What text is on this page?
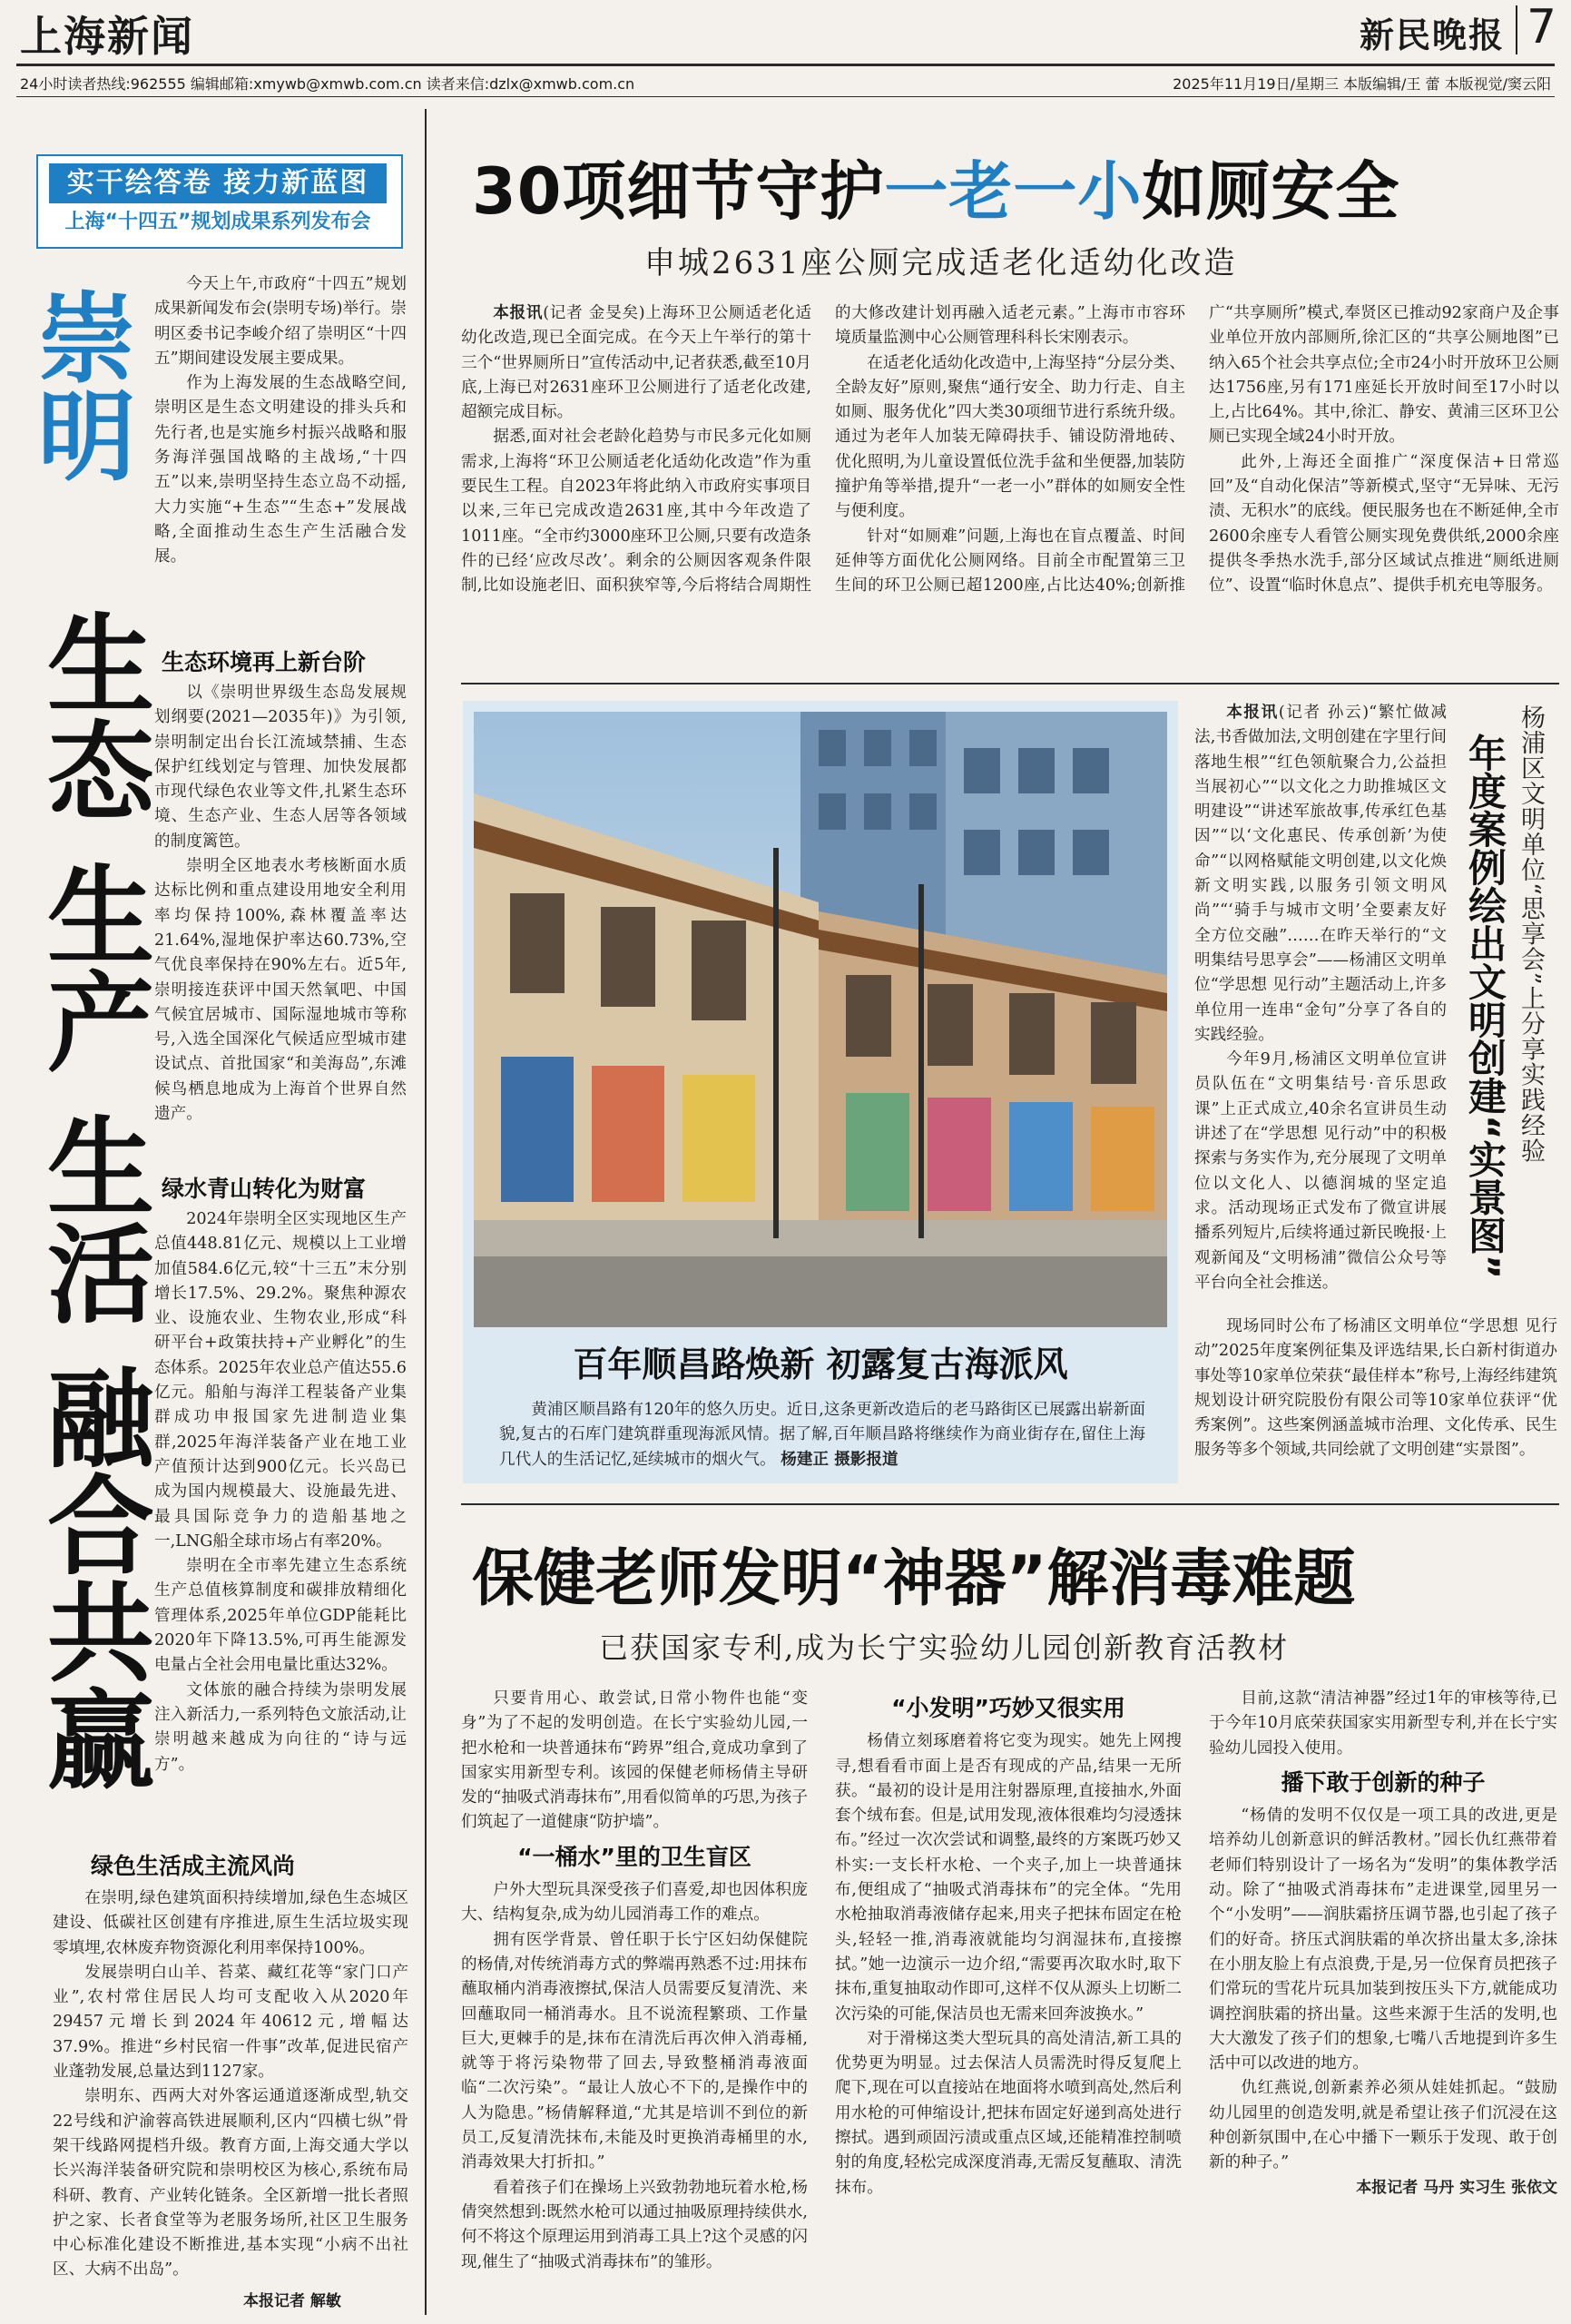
上海新闻	新民晚报 7
24小时读者热线:962555 编辑邮箱:xmywb@xmwb.com.cn 读者来信:dzlx@xmwb.com.cn	2025年11月19日/星期三 本版编辑/王 蕾 本版视觉/窦云阳
实干绘答卷 接力新蓝图
上海“十四五”规划成果系列发布会
崇明
生态 生产 生活 融合共赢

今天上午,市政府“十四五”规划成果新闻发布会(崇明专场)举行。崇明区委书记李峻介绍了崇明区“十四五”期间建设发展主要成果。

作为上海发展的生态战略空间,崇明区是生态文明建设的排头兵和先行者,也是实施乡村振兴战略和服务海洋强国战略的主战场,“十四五”以来,崇明坚持生态立岛不动摇,大力实施“+生态”“生态+”发展战略,全面推动生态生产生活融合发展。

生态环境再上新台阶

以《崇明世界级生态岛发展规划纲要(2021—2035年)》为引领,崇明制定出台长江流域禁捕、生态保护红线划定与管理、加快发展都市现代绿色农业等文件,扎紧生态环境、生态产业、生态人居等各领域的制度篱笆。

崇明全区地表水考核断面水质达标比例和重点建设用地安全利用率均保持100%,森林覆盖率达21.64%,湿地保护率达60.73%,空气优良率保持在90%左右。近5年,崇明接连获评中国天然氧吧、中国气候宜居城市、国际湿地城市等称号,入选全国深化气候适应型城市建设试点、首批国家“和美海岛”,东滩候鸟栖息地成为上海首个世界自然遗产。

绿水青山转化为财富

2024年崇明全区实现地区生产总值448.81亿元、规模以上工业增加值584.6亿元,较“十三五”末分别增长17.5%、29.2%。聚焦种源农业、设施农业、生物农业,形成“科研平台+政策扶持+产业孵化”的生态体系。2025年农业总产值达55.6亿元。船舶与海洋工程装备产业集群成功申报国家先进制造业集群,2025年海洋装备产业在地工业产值预计达到900亿元。长兴岛已成为国内规模最大、设施最先进、最具国际竞争力的造船基地之一,LNG船全球市场占有率20%。

崇明在全市率先建立生态系统生产总值核算制度和碳排放精细化管理体系,2025年单位GDP能耗比2020年下降13.5%,可再生能源发电量占全社会用电量比重达32%。

文体旅的融合持续为崇明发展注入新活力,一系列特色文旅活动,让崇明越来越成为向往的“诗与远方”。

绿色生活成主流风尚

在崇明,绿色建筑面积持续增加,绿色生态城区建设、低碳社区创建有序推进,原生生活垃圾实现零填埋,农林废弃物资源化利用率保持100%。

发展崇明白山羊、苔菜、藏红花等“家门口产业”,农村常住居民人均可支配收入从2020年29457元增长到2024年40612元,增幅达37.9%。推进“乡村民宿一件事”改革,促进民宿产业蓬勃发展,总量达到1127家。

崇明东、西两大对外客运通道逐渐成型,轨交22号线和沪渝蓉高铁进展顺利,区内“四横七纵”骨架干线路网提档升级。教育方面,上海交通大学以长兴海洋装备研究院和崇明校区为核心,系统布局科研、教育、产业转化链条。全区新增一批长者照护之家、长者食堂等为老服务场所,社区卫生服务中心标准化建设不断推进,基本实现“小病不出社区、大病不出岛”。

本报记者 解敏
30项细节守护一老一小如厕安全
申城2631座公厕完成适老化适幼化改造

本报讯(记者 金旻矣)上海环卫公厕适老化适幼化改造,现已全面完成。在今天上午举行的第十三个“世界厕所日”宣传活动中,记者获悉,截至10月底,上海已对2631座环卫公厕进行了适老化改建,超额完成目标。

据悉,面对社会老龄化趋势与市民多元化如厕需求,上海将“环卫公厕适老化适幼化改造”作为重要民生工程。自2023年将此纳入市政府实事项目以来,三年已完成改造2631座,其中今年改造了1011座。“全市约3000座环卫公厕,只要有改造条件的已经‘应改尽改’。剩余的公厕因客观条件限制,比如设施老旧、面积狭窄等,今后将结合周期性的大修改建计划再融入适老元素。”上海市市容环境质量监测中心公厕管理科科长宋刚表示。

在适老化适幼化改造中,上海坚持“分层分类、全龄友好”原则,聚焦“通行安全、助力行走、自主如厕、服务优化”四大类30项细节进行系统升级。通过为老年人加装无障碍扶手、铺设防滑地砖、优化照明,为儿童设置低位洗手盆和坐便器,加装防撞护角等举措,提升“一老一小”群体的如厕安全性与便利度。

针对“如厕难”问题,上海也在盲点覆盖、时间延伸等方面优化公厕网络。目前全市配置第三卫生间的环卫公厕已超1200座,占比达40%;创新推广“共享厕所”模式,奉贤区已推动92家商户及企事业单位开放内部厕所,徐汇区的“共享公厕地图”已纳入65个社会共享点位;全市24小时开放环卫公厕达1756座,另有171座延长开放时间至17小时以上,占比64%。其中,徐汇、静安、黄浦三区环卫公厕已实现全域24小时开放。

此外,上海还全面推广“深度保洁+日常巡回”及“自动化保洁”等新模式,坚守“无异味、无污渍、无积水”的底线。便民服务也在不断延伸,全市2600余座专人看管公厕实现免费供纸,2000余座提供冬季热水洗手,部分区域试点推进“厕纸进厕位”、设置“临时休息点”、提供手机充电等服务。

百年顺昌路焕新 初露复古海派风

黄浦区顺昌路有120年的悠久历史。近日,这条更新改造后的老马路街区已展露出崭新面貌,复古的石库门建筑群重现海派风情。据了解,百年顺昌路将继续作为商业街存在,留住上海几代人的生活记忆,延续城市的烟火气。 杨建正 摄影报道

杨浦区文明单位“思享会”上分享实践经验
年度案例绘出文明创建“实景图”

本报讯(记者 孙云)“繁忙做减法,书香做加法,文明创建在字里行间落地生根”“红色领航聚合力,公益担当展初心”“以文化之力助推城区文明建设”“讲述军旅故事,传承红色基因”“以‘文化惠民、传承创新’为使命”“以网格赋能文明创建,以文化焕新文明实践,以服务引领文明风尚”“‘骑手与城市文明’全要素友好 全方位交融”……在昨天举行的“文明集结号思享会”——杨浦区文明单位“学思想 见行动”主题活动上,许多单位用一连串“金句”分享了各自的实践经验。

今年9月,杨浦区文明单位宣讲员队伍在“文明集结号·音乐思政课”上正式成立,40余名宣讲员生动讲述了在“学思想 见行动”中的积极探索与务实作为,充分展现了文明单位以文化人、以德润城的坚定追求。活动现场正式发布了微宣讲展播系列短片,后续将通过新民晚报·上观新闻及“文明杨浦”微信公众号等平台向全社会推送。

现场同时公布了杨浦区文明单位“学思想 见行动”2025年度案例征集及评选结果,长白新村街道办事处等10家单位荣获“最佳样本”称号,上海经纬建筑规划设计研究院股份有限公司等10家单位获评“优秀案例”。这些案例涵盖城市治理、文化传承、民生服务等多个领域,共同绘就了文明创建“实景图”。

保健老师发明“神器”解消毒难题
已获国家专利,成为长宁实验幼儿园创新教育活教材

只要肯用心、敢尝试,日常小物件也能“变身”为了不起的发明创造。在长宁实验幼儿园,一把水枪和一块普通抹布“跨界”组合,竟成功拿到了国家实用新型专利。该园的保健老师杨倩主导研发的“抽吸式消毒抹布”,用看似简单的巧思,为孩子们筑起了一道健康“防护墙”。

“一桶水”里的卫生盲区

户外大型玩具深受孩子们喜爱,却也因体积庞大、结构复杂,成为幼儿园消毒工作的难点。

拥有医学背景、曾任职于长宁区妇幼保健院的杨倩,对传统消毒方式的弊端再熟悉不过:用抹布蘸取桶内消毒液擦拭,保洁人员需要反复清洗、来回蘸取同一桶消毒水。且不说流程繁琐、工作量巨大,更棘手的是,抹布在清洗后再次伸入消毒桶,就等于将污染物带了回去,导致整桶消毒液面临“二次污染”。“最让人放心不下的,是操作中的人为隐患。”杨倩解释道,“尤其是培训不到位的新员工,反复清洗抹布,未能及时更换消毒桶里的水,消毒效果大打折扣。”

看着孩子们在操场上兴致勃勃地玩着水枪,杨倩突然想到:既然水枪可以通过抽吸原理持续供水,何不将这个原理运用到消毒工具上?这个灵感的闪现,催生了“抽吸式消毒抹布”的雏形。

“小发明”巧妙又很实用

杨倩立刻琢磨着将它变为现实。她先上网搜寻,想看看市面上是否有现成的产品,结果一无所获。“最初的设计是用注射器原理,直接抽水,外面套个绒布套。但是,试用发现,液体很难均匀浸透抹布。”经过一次次尝试和调整,最终的方案既巧妙又朴实:一支长杆水枪、一个夹子,加上一块普通抹布,便组成了“抽吸式消毒抹布”的完全体。“先用水枪抽取消毒液储存起来,用夹子把抹布固定在枪头,轻轻一推,消毒液就能均匀润湿抹布,直接擦拭。”她一边演示一边介绍,“需要再次取水时,取下抹布,重复抽取动作即可,这样不仅从源头上切断二次污染的可能,保洁员也无需来回奔波换水。”

对于滑梯这类大型玩具的高处清洁,新工具的优势更为明显。过去保洁人员需洗时得反复爬上爬下,现在可以直接站在地面将水喷到高处,然后利用水枪的可伸缩设计,把抹布固定好递到高处进行擦拭。遇到顽固污渍或重点区域,还能精准控制喷射的角度,轻松完成深度消毒,无需反复蘸取、清洗抹布。

目前,这款“清洁神器”经过1年的审核等待,已于今年10月底荣获国家实用新型专利,并在长宁实验幼儿园投入使用。

播下敢于创新的种子

“杨倩的发明不仅仅是一项工具的改进,更是培养幼儿创新意识的鲜活教材。”园长仇红燕带着老师们特别设计了一场名为“发明”的集体教学活动。除了“抽吸式消毒抹布”走进课堂,园里另一个“小发明”——润肤霜挤压调节器,也引起了孩子们的好奇。挤压式润肤霜的单次挤出量太多,涂抹在小朋友脸上有点浪费,于是,另一位保育员把孩子们常玩的雪花片玩具加装到按压头下方,就能成功调控润肤霜的挤出量。这些来源于生活的发明,也大大激发了孩子们的想象,七嘴八舌地提到许多生活中可以改进的地方。

仇红燕说,创新素养必须从娃娃抓起。“鼓励幼儿园里的创造发明,就是希望让孩子们沉浸在这种创新氛围中,在心中播下一颗乐于发现、敢于创新的种子。”

本报记者 马丹 实习生 张依文
